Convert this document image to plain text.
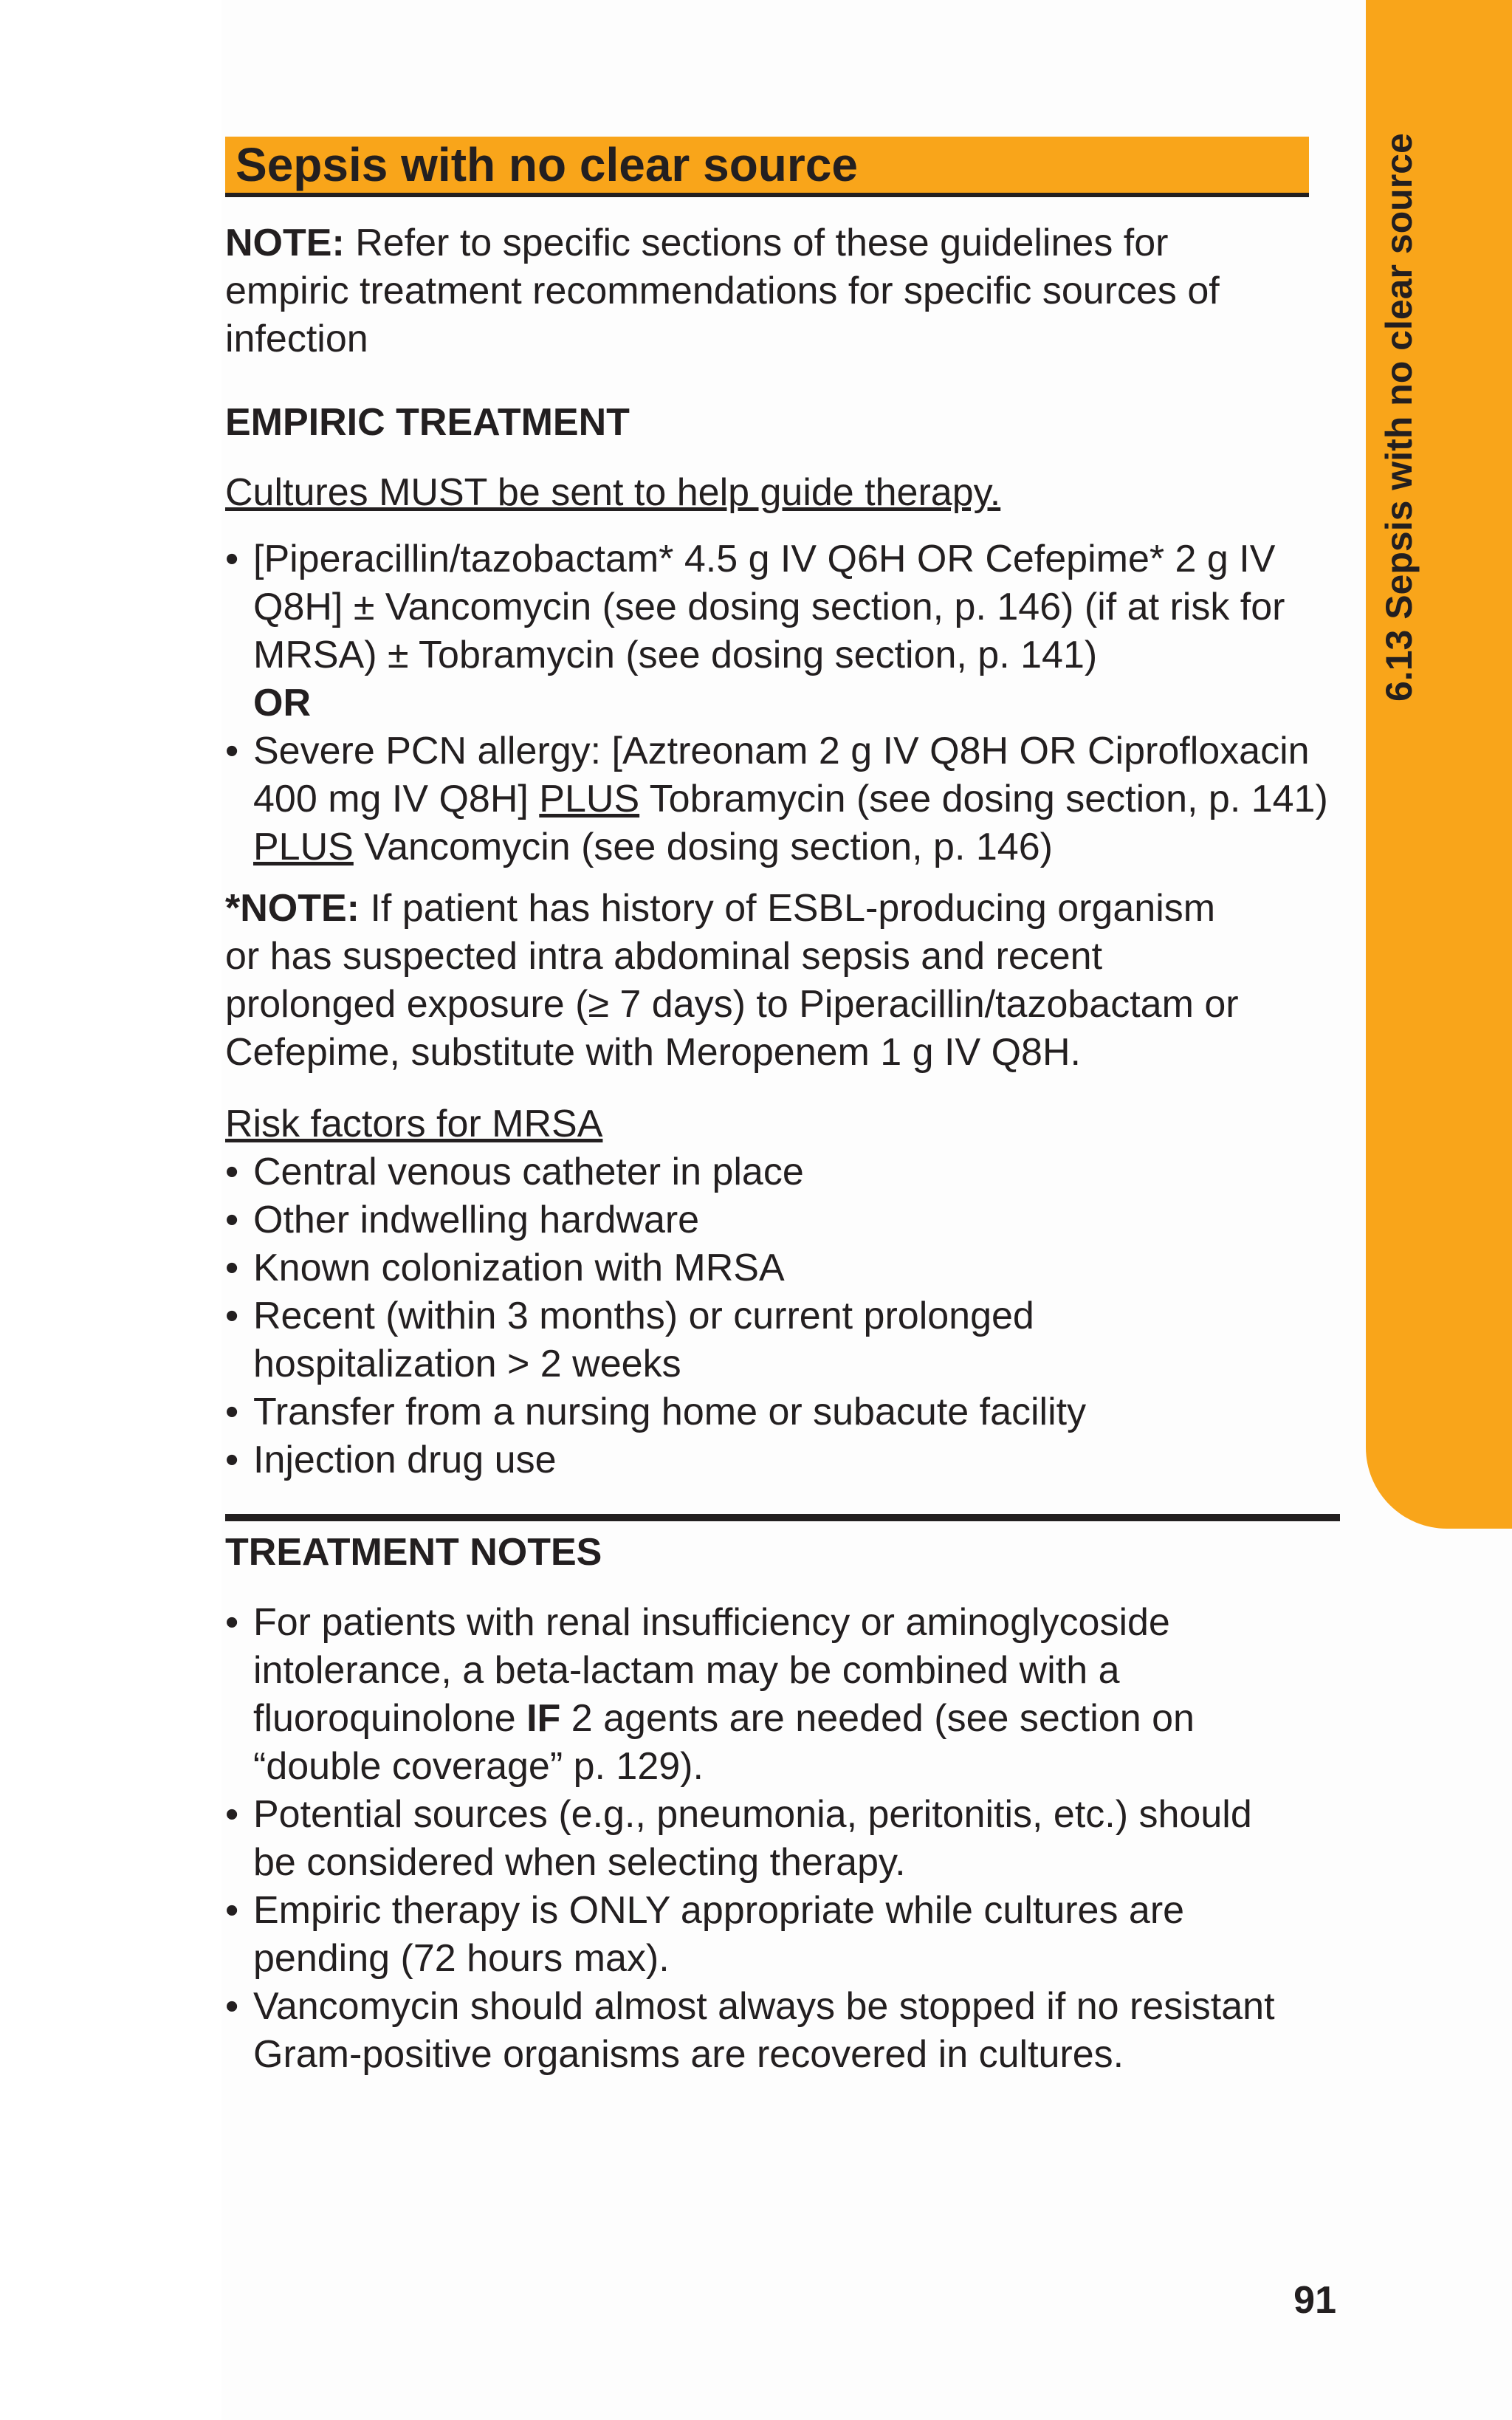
6.13 Sepsis with no clear source
Sepsis with no clear source
NOTE: Refer to specific sections of these guidelines for empiric treatment recommendations for specific sources of infection
EMPIRIC TREATMENT
Cultures MUST be sent to help guide therapy.
• [Piperacillin/tazobactam* 4.5 g IV Q6H OR Cefepime* 2 g IV Q8H] ± Vancomycin (see dosing section, p. 146) (if at risk for MRSA) ± Tobramycin (see dosing section, p. 141)
OR
• Severe PCN allergy: [Aztreonam 2 g IV Q8H OR Ciprofloxacin 400 mg IV Q8H] PLUS Tobramycin (see dosing section, p. 141) PLUS Vancomycin (see dosing section, p. 146)
*NOTE: If patient has history of ESBL-producing organism or has suspected intra abdominal sepsis and recent prolonged exposure (≥ 7 days) to Piperacillin/tazobactam or Cefepime, substitute with Meropenem 1 g IV Q8H.
Risk factors for MRSA
• Central venous catheter in place
• Other indwelling hardware
• Known colonization with MRSA
• Recent (within 3 months) or current prolonged hospitalization > 2 weeks
• Transfer from a nursing home or subacute facility
• Injection drug use
TREATMENT NOTES
• For patients with renal insufficiency or aminoglycoside intolerance, a beta-lactam may be combined with a fluoroquinolone IF 2 agents are needed (see section on “double coverage” p. 129).
• Potential sources (e.g., pneumonia, peritonitis, etc.) should be considered when selecting therapy.
• Empiric therapy is ONLY appropriate while cultures are pending (72 hours max).
• Vancomycin should almost always be stopped if no resistant Gram-positive organisms are recovered in cultures.
91
